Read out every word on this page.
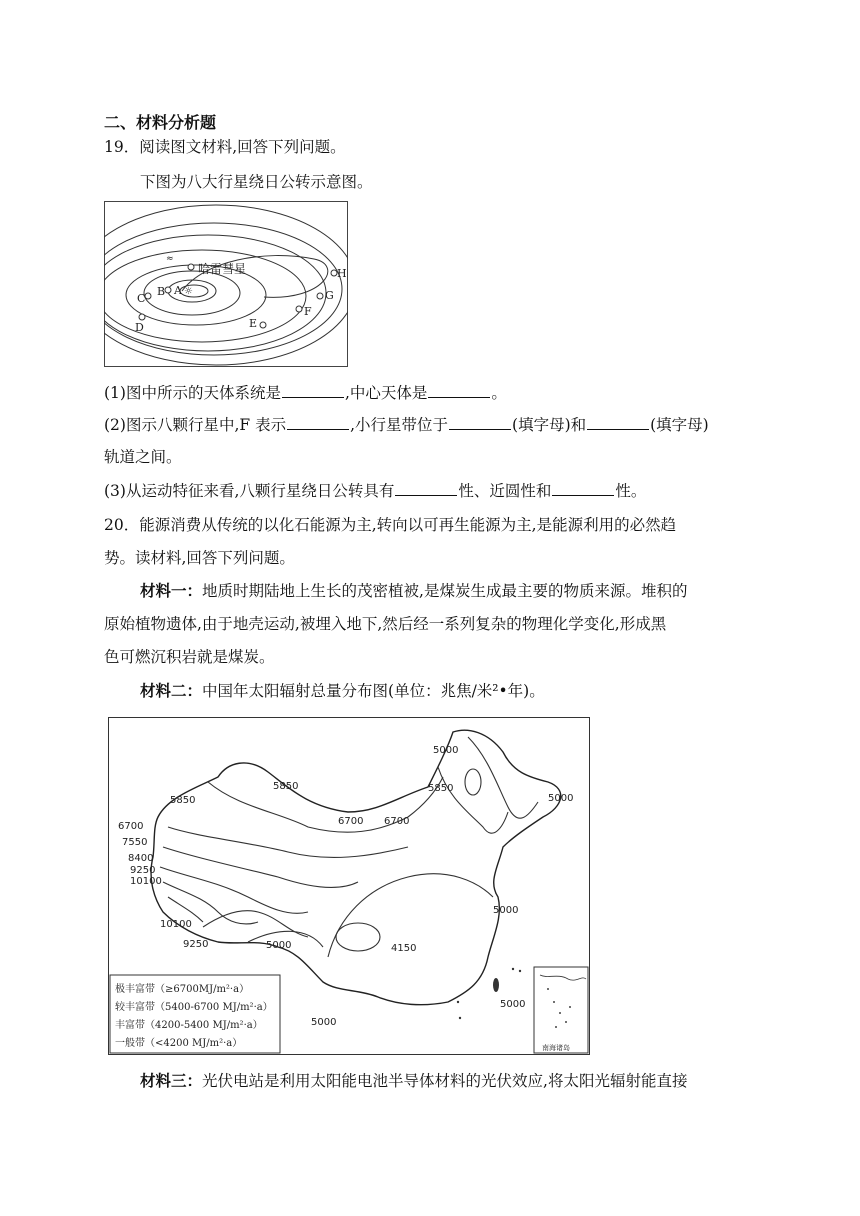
二、材料分析题
19．阅读图文材料,回答下列问题。
下图为八大行星绕日公转示意图。
≈
哈雷彗星
A ☼
B
C
D	E
F
G
H
(1)图中所示的天体系统是	,中心天体是	。
(2)图示八颗行星中,F 表示	,小行星带位于	(填字母)和	(填字母)
轨道之间。
(3)从运动特征来看,八颗行星绕日公转具有	性、近圆性和	性。
20．能源消费从传统的以化石能源为主,转向以可再生能源为主,是能源利用的必然趋
势。读材料,回答下列问题。
材料一：地质时期陆地上生长的茂密植被,是煤炭生成最主要的物质来源。堆积的
原始植物遗体,由于地壳运动,被埋入地下,然后经一系列复杂的物理化学变化,形成黑
色可燃沉积岩就是煤炭。
材料二：中国年太阳辐射总量分布图(单位：兆焦/米²•年)。
5000
5850
5850
5850
5000
6700 6700
6700
7550
8400
9250
10100
10100
9250	5000
5000
4150
5000
5000
极丰富带（≥6700MJ/m²·a）
较丰富带（5400-6700 MJ/m²·a）
丰富带（4200-5400 MJ/m²·a）
一般带（<4200 MJ/m²·a）	南海诸岛
材料三：光伏电站是利用太阳能电池半导体材料的光伏效应,将太阳光辐射能直接
